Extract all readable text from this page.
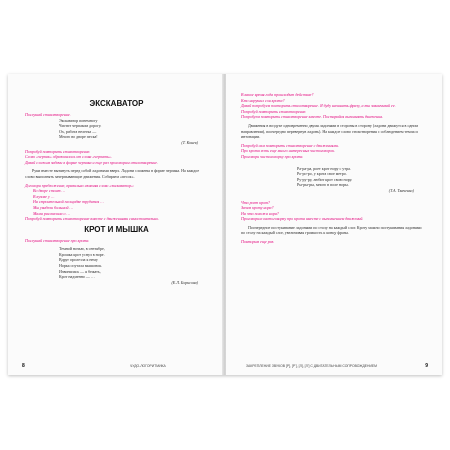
ЭКСКАВАТОР
Послушай стихотворение.
Экскаватор понемногу
Чистит черпаком дорогу.
Ох, работа нелегка —
Много во дворе песка!
(Т. Конев)
Попробуй повторить стихотворение.
Слово «черпак» образовалось от слова «черпать».
Давай сложим задачи в форме черпака и еще раз проговорим стихотворение.
Руки вместе вытянуть перед собой ладонями вверх. Ладони сложены в форме черпака. На каждое слово выполнять зачерпывающие движения. Собираем «песок».
Договори предложение, правильно изменяя слово «экскаватор»:
Во дворе стоит …
В кузове у …
На строительной площадке трудится …
Мы увидели большой …
Мама рассказала о …
Попробуй повторить стихотворение вместе с движениями самостоятельно.
КРОТ И МЫШКА
Послушай стихотворение про крота.
Темной ночью, в сентябре,
Крошка крот уснул в норе.
Вдруг пролезла к нему
Норка спутала мышонок.
Извинилась — я бежать,
Крот надменно — …
(Е.Л. Борисова)
8	ЧУДО-ЛОГОРИТМИКА
В какое время года происходит действие?
Кто нарушил сон крота?
Давай попробуем повторить стихотворение. Я буду начинать фразу, а ты заканчивай ее.
Попробуй повторить стихотворение.
Попробуем повторить стихотворение вместе. Постарайся выполнять движения.
Движения в воздухе одновременно двумя ладонями в стороны в сторону (ладони движутся в одном направлении), поочередно перевернув ладонь). На каждое слово стихотворения с соблюдением темпа и интонации.
Попробуй сам повторить стихотворение с движениями.
Про крота есть еще много интересных чистоговорок.
Проговори чистоговорку про крота.
Ра-ра-ра, роет крот нору с утра.
Ро-ро-ро, у крота свое метро.
Ру-ру-ру, любит крот свою нору.
Ры-ры-ры, много в поле норы.
(Т.А. Ткаченко)
Что роет крот?
Зачем кроту нора?
На что похожа нора?
Проговорим чистоговорку про крота вместе с выполнением движений.
Поочередное постукивание ладонями по столу на каждый слог. Кроту можно постукивания ладонями по столу на каждый слог, увеличивая громкость к концу фразы.
Повторим еще раз.
ЗАКРЕПЛЕНИЕ ЗВУКОВ [Р], [Р'], [Л], [Л'] С ДВИГАТЕЛЬНЫМ СОПРОВОЖДЕНИЕМ	9
